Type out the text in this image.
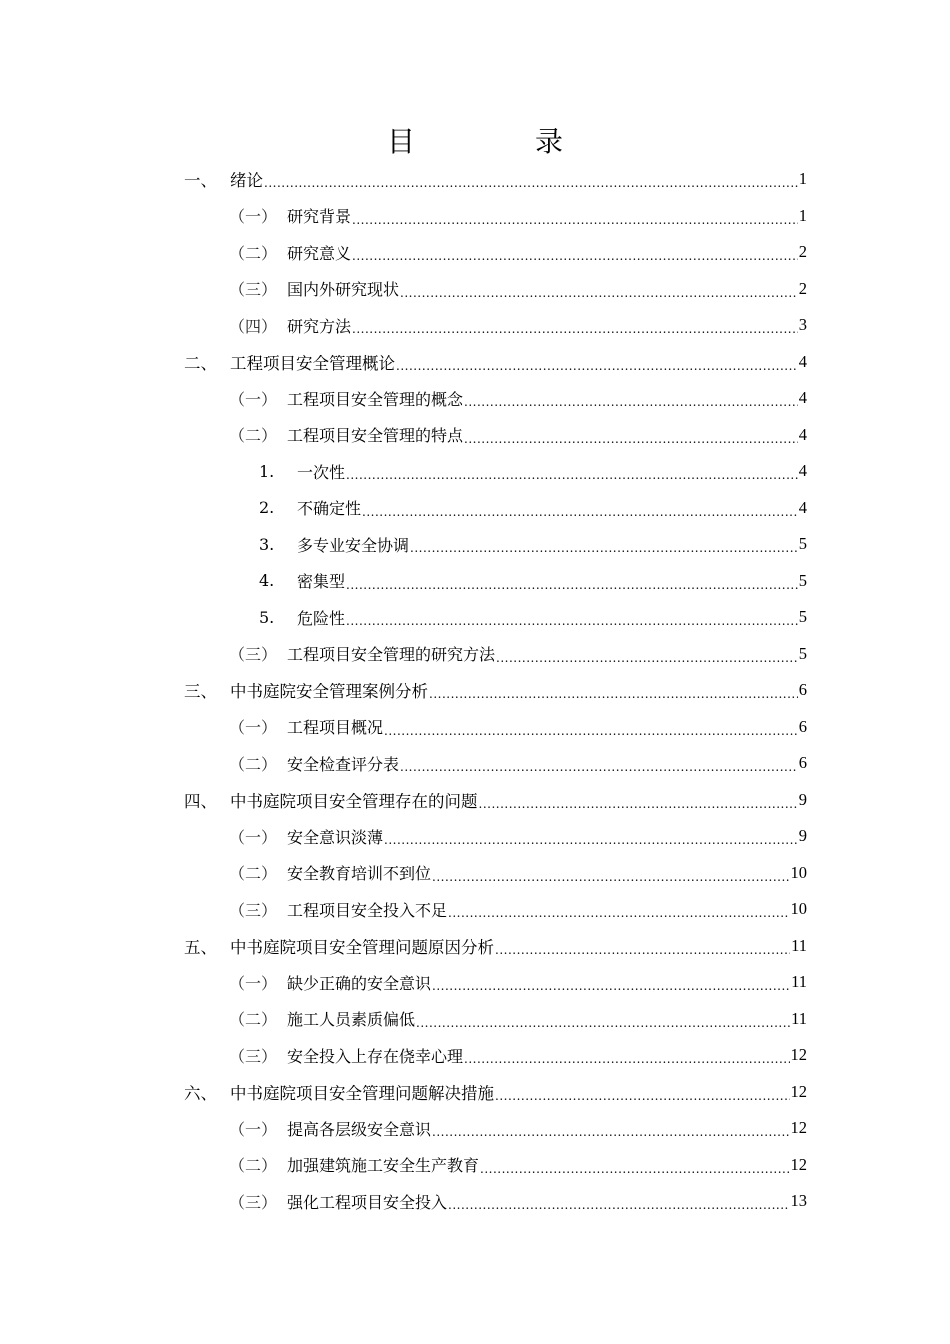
目　录
一、 绪论 .....	1
（一） 研究背景 .....	1
（二） 研究意义 .....	2
（三） 国内外研究现状 .....	2
（四） 研究方法 .....	3
二、 工程项目安全管理概论 .....	4
（一） 工程项目安全管理的概念 .....	4
（二） 工程项目安全管理的特点 .....	4
1.	一次性 .....	4
2.	不确定性 .....	4
3.	多专业安全协调 .....	5
4.	密集型 .....	5
5.	危险性 .....	5
（三） 工程项目安全管理的研究方法 .....	5
三、 中书庭院安全管理案例分析 .....	6
（一） 工程项目概况 .....	6
（二） 安全检查评分表 .....	6
四、 中书庭院项目安全管理存在的问题 .....	9
（一） 安全意识淡薄 .....	9
（二） 安全教育培训不到位 .....	10
（三） 工程项目安全投入不足 .....	10
五、 中书庭院项目安全管理问题原因分析 .....	11
（一） 缺少正确的安全意识 .....	11
（二） 施工人员素质偏低 .....	11
（三） 安全投入上存在侥幸心理 .....	12
六、 中书庭院项目安全管理问题解决措施 .....	12
（一） 提高各层级安全意识 .....	12
（二） 加强建筑施工安全生产教育 .....	12
（三） 强化工程项目安全投入 .....	13
